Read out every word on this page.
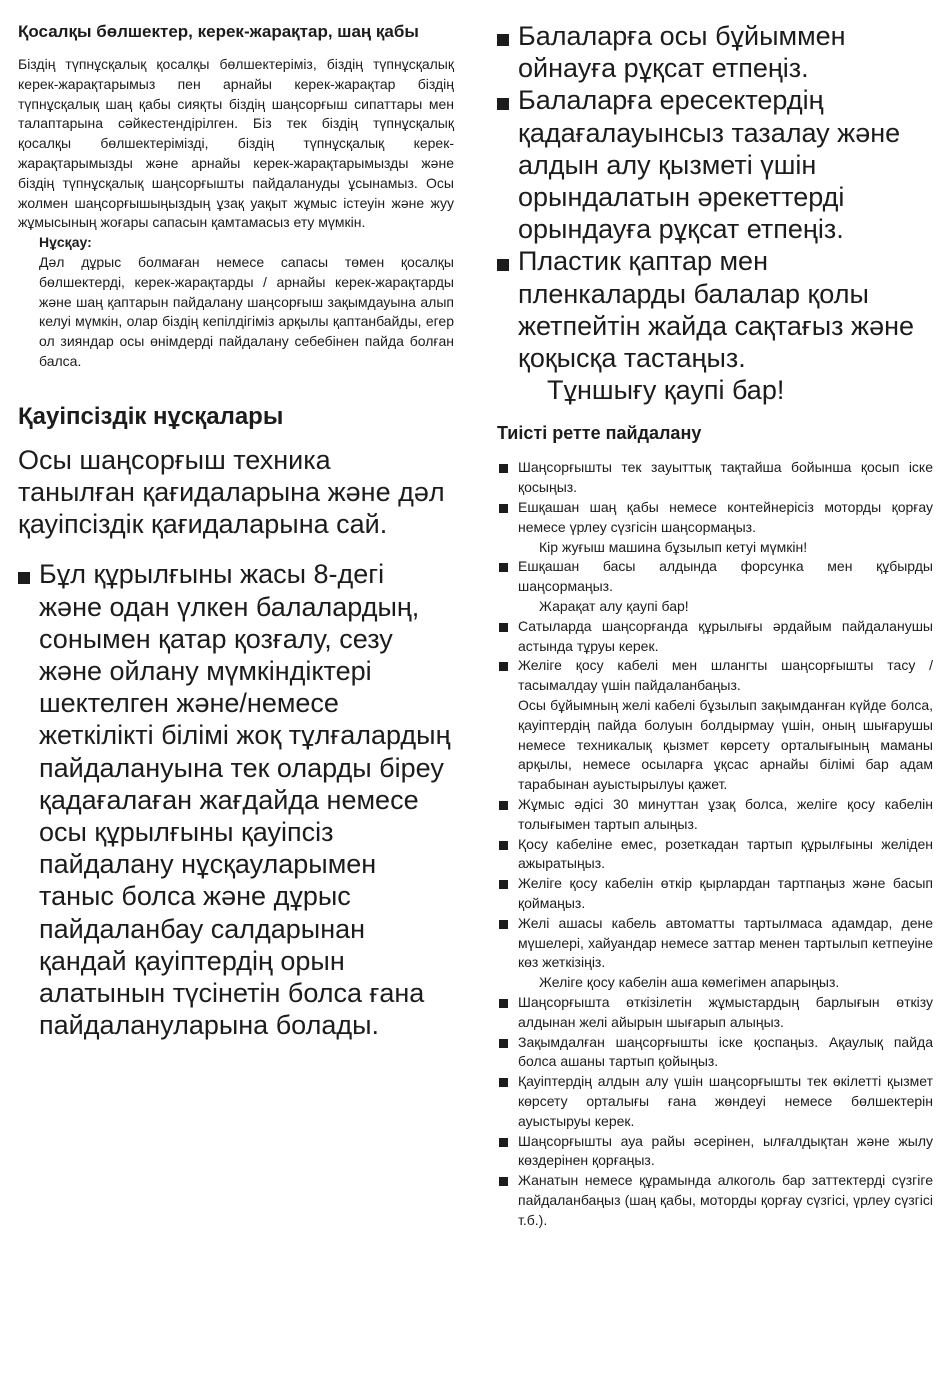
Қосалқы бөлшектер, керек-жарақтар, шаң қабы

Біздің түпнұсқалық қосалқы бөлшектеріміз, біздің түпнұсқалық керек-жарақтарымыз пен арнайы керек-жарақтар біздің түпнұсқалық шаң қабы сияқты біздің шаңсорғыш сипаттары мен талаптарына сәйкестендірілген. Біз тек біздің түпнұсқалық қосалқы бөлшектерімізді, біздің түпнұсқалық керек-жарақтарымызды және арнайы керек-жарақтарымызды және біздің түпнұсқалық шаңсорғышты пайдалануды ұсынамыз. Осы жолмен шаңсорғышыңыздың ұзақ уақыт жұмыс істеуін және жуу жұмысының жоғары сапасын қамтамасыз ету мүмкін.

Нұсқау:

Дәл дұрыс болмаған немесе сапасы төмен қосалқы бөлшектерді, керек-жарақтарды / арнайы керек-жарақтарды және шаң қаптарын пайдалану шаңсорғыш зақымдауына алып келуі мүмкін, олар біздің кепілдігіміз арқылы қаптанбайды, егер ол зияндар осы өнімдерді пайдалану себебінен пайда болған балса.

Қауіпсіздік нұсқалары

Осы шаңсорғыш техника танылған қағидаларына және дәл қауіпсіздік қағидаларына сай.

Бұл құрылғыны жасы 8-дегі және одан үлкен балалардың, сонымен қатар қозғалу, сезу және ойлану мүмкіндіктері шектелген және/немесе жеткілікті білімі жоқ тұлғалардың пайдалануына тек оларды біреу қадағалаған жағдайда немесе осы құрылғыны қауіпсіз пайдалану нұсқауларымен таныс болса және дұрыс пайдаланбау салдарынан қандай қауіптердің орын алатынын түсінетін болса ғана пайдалануларына болады.
Балаларға осы бұйыммен ойнауға рұқсат етпеңіз.
Балаларға ересектердің қадағалауынсыз тазалау және алдын алу қызметі үшін орындалатын әрекеттерді орындауға рұқсат етпеңіз.
Пластик қаптар мен пленкаларды балалар қолы жетпейтін жайда сақтағыз және қоқысқа тастаңыз.
Тұншығу қаупі бар!
Тиісті ретте пайдалану
Шаңсорғышты тек зауыттық тақтайша бойынша қосып іске қосыңыз.
Ешқашан шаң қабы немесе контейнерісіз моторды қорғау немесе үрлеу сүзгісін шаңсормаңыз.
Кір жуғыш машина бұзылып кетуі мүмкін!
Ешқашан басы алдында форсунка мен құбырды шаңсормаңыз.
Жарақат алу қаупі бар!
Сатыларда шаңсорғанда құрылығы әрдайым пайдаланушы астында тұруы керек.
Желіге қосу кабелі мен шлангты шаңсорғышты тасу / тасымалдау үшін пайдаланбаңыз.
Осы бұйымның желі кабелі бұзылып зақымданған күйде болса, қауіптердің пайда болуын болдырмау үшін, оның шығарушы немесе техникалық қызмет көрсету орталығының маманы арқылы, немесе осыларға ұқсас арнайы білімі бар адам тарабынан ауыстырылуы қажет.
Жұмыс әдісі 30 минуттан ұзақ болса, желіге қосу кабелін толығымен тартып алыңыз.
Қосу кабеліне емес, розеткадан тартып құрылғыны желіден ажыратыңыз.
Желіге қосу кабелін өткір қырлардан тартпаңыз және басып қоймаңыз.
Желі ашасы кабель автоматты тартылмаса адамдар, дене мүшелері, хайуандар немесе заттар менен тартылып кетпеуіне көз жеткізіңіз.
Желіге қосу кабелін аша көмегімен апарыңыз.
Шаңсорғышта өткізілетін жұмыстардың барлығын өткізу алдынан желі айырын шығарып алыңыз.
Зақымдалған шаңсорғышты іске қоспаңыз. Ақаулық пайда болса ашаны тартып қойыңыз.
Қауіптердің алдын алу үшін шаңсорғышты тек өкілетті қызмет көрсету орталығы ғана жөндеуі немесе бөлшектерін ауыстыруы керек.
Шаңсорғышты ауа райы әсерінен, ылғалдықтан және жылу көздерінен қорғаңыз.
Жанатын немесе құрамында алкоголь бар заттектерді сүзгіге пайдаланбаңыз (шаң қабы, моторды қорғау сүзгісі, үрлеу сүзгісі т.б.).
